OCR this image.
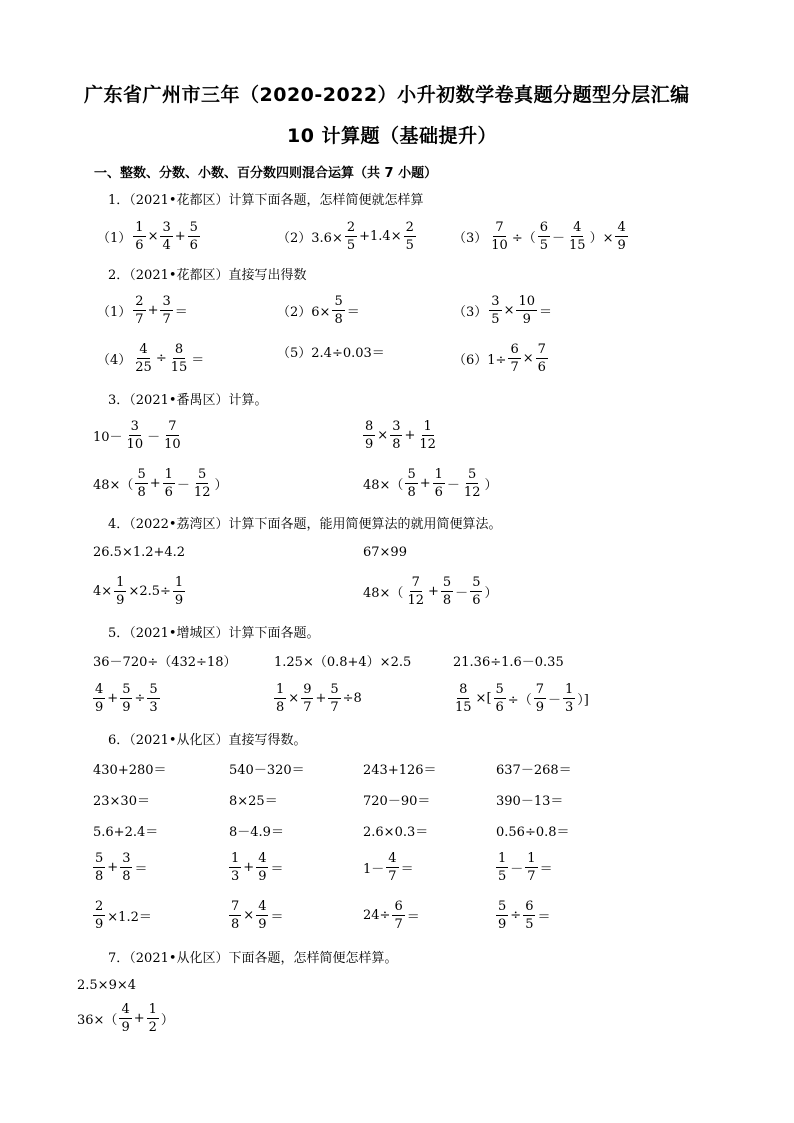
广东省广州市三年（2020-2022）小升初数学卷真题分题型分层汇编
10 计算题（基础提升）
一、整数、分数、小数、百分数四则混合运算（共 7 小题）
1．（2021•花都区）计算下面各题，怎样简便就怎样算
$(1) \frac{1}{6} \times \frac{3}{4} + \frac{5}{6}$	$(2)3.6\times \frac{2}{5} +1.4\times \frac{2}{5}$	$(3) \frac{7}{10}$ ÷（ $\frac{6}{5} - \frac{4}{15}$ ）× $\frac{4}{9}$
2．（2021•花都区）直接写出得数
$(1) \frac{2}{7} + \frac{3}{7}$ ＝	$(2)6\times \frac{5}{8}$ ＝	$(3) \frac{3}{5} \times \frac{10}{9}$ ＝
$(4) \frac{4}{25} \div \frac{8}{15}$ ＝	（5）2.4÷0.03＝	$(6)1\div \frac{6}{7} \times \frac{7}{6}$
3．（2021•番禺区）计算。
$10- \frac{3}{10} - \frac{7}{10}$	$\frac{8}{9} \times \frac{3}{8} + \frac{1}{12}$
$48\times( \frac{5}{8} + \frac{1}{6} - \frac{5}{12}$ ）	$48\times( \frac{5}{8} + \frac{1}{6} - \frac{5}{12}$ ）
4．（2022•荔湾区）计算下面各题，能用简便算法的就用简便算法。
26.5×1.2+4.2	67×99
$4\times \frac{1}{9} \times 2.5\div \frac{1}{9}$	$48\times( \frac{7}{12} + \frac{5}{8} - \frac{5}{6}$ ）
5．（2021•增城区）计算下面各题。
36－720÷（432÷18）	1.25×（0.8+4）×2.5	21.36÷1.6－0.35
$\frac{4}{9} + \frac{5}{9} \div \frac{5}{3}$	$\frac{1}{8} \times \frac{9}{7} + \frac{5}{7} \div 8$	$\frac{8}{15}$ ×[ $\frac{5}{6}$ ÷（ $\frac{7}{9} - \frac{1}{3}$ ）]
6．（2021•从化区）直接写得数。
430+280＝	540－320＝	243+126＝	637－268＝
23×30＝	8×25＝	720－90＝	390－13＝
5.6+2.4＝	8－4.9＝	2.6×0.3＝	0.56÷0.8＝
$\frac{5}{8} + \frac{3}{8}$ ＝	$\frac{1}{3} + \frac{4}{9}$ ＝	$1- \frac{4}{7}$ ＝	$\frac{1}{5} - \frac{1}{7}$ ＝
$\frac{2}{9} \times 1.2=$	$\frac{7}{8} \times \frac{4}{9}$ ＝	$24\div \frac{6}{7}$ ＝	$\frac{5}{9} \div \frac{6}{5}$ ＝
7．（2021•从化区）下面各题，怎样简便怎样算。
2.5×9×4
$36\times( \frac{4}{9} + \frac{1}{2}$ ）
